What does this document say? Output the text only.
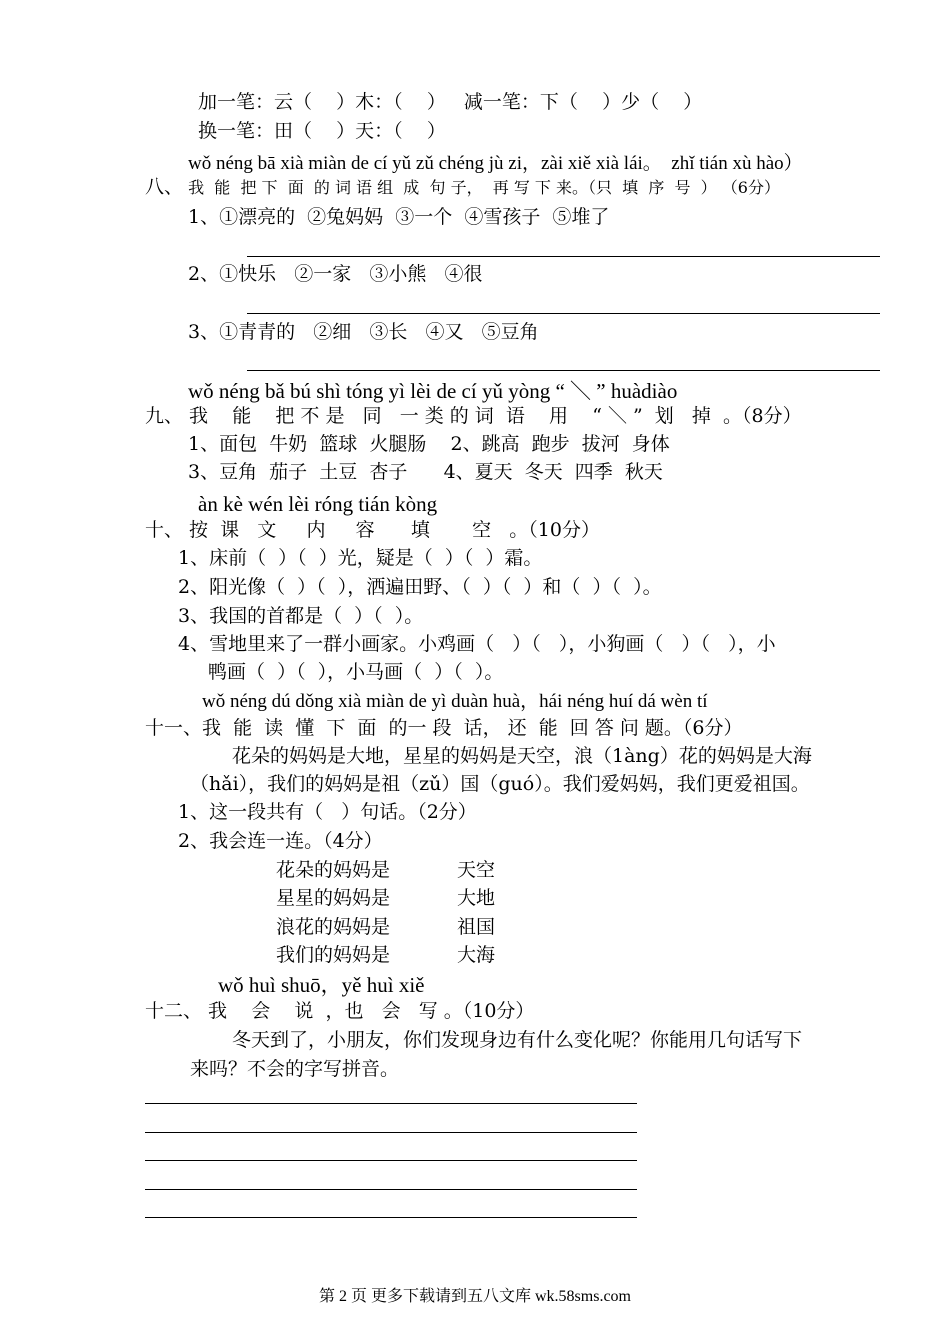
加一笔：云（    ）木：（    ）   减一笔：下（    ）少（    ）
换一笔：田（    ）天：（    ）
wǒ néng bā xià miàn de cí yǔ zǔ chéng jù zi，zài xiě xià lái。  zhǐ tián xù hào）
八、 我  能  把 下  面  的 词 语 组  成  句 子，  再 写 下 来。（只  填  序  号  ） （6分）
1、①漂亮的  ②兔妈妈  ③一个  ④雪孩子  ⑤堆了
2、①快乐   ②一家   ③小熊   ④很
3、①青青的   ②细   ③长   ④又   ⑤豆角
wǒ néng bǎ bú shì tóng yì lèi de cí yǔ yòng “ ＼ ” huàdiào
九、 我    能    把 不 是   同   一 类 的 词  语    用    “ ＼ ”  划   掉  。（8分）
1、面包  牛奶  篮球  火腿肠    2、跳高  跑步  拔河  身体
3、豆角  茄子  土豆  杏子      4、夏天  冬天  四季  秋天
àn kè wén lèi róng tián kòng
十、 按  课   文     内     容      填       空   。（10分）
1、床前（  ）（  ）光，疑是（  ）（  ）霜。
2、阳光像（  ）（  ），洒遍田野、（  ）（  ）和（  ）（  ）。
3、我国的首都是（  ）（  ）。
4、雪地里来了一群小画家。小鸡画（   ）（   ），小狗画（   ）（   ），小
鸭画（  ）（  ），小马画（  ）（  ）。
wǒ néng dú dǒng xià miàn de yì duàn huà，hái néng huí dá wèn tí
十一、我  能  读  懂  下  面  的一 段  话， 还  能  回 答 问 题。（6分）
花朵的妈妈是大地，星星的妈妈是天空，浪（1àng）花的妈妈是大海
（hǎi），我们的妈妈是祖（zǔ）国（guó）。我们爱妈妈，我们更爱祖国。
1、这一段共有（   ）句话。（2分）
2、我会连一连。（4分）
花朵的妈妈是	天空
星星的妈妈是	大地
浪花的妈妈是	祖国
我们的妈妈是	大海
wǒ huì shuō，yě huì xiě
十二、 我    会    说  ，也   会   写 。（10分）
冬天到了，小朋友，你们发现身边有什么变化呢？你能用几句话写下
来吗？不会的字写拼音。
第 2 页 更多下载请到五八文库 wk.58sms.com
